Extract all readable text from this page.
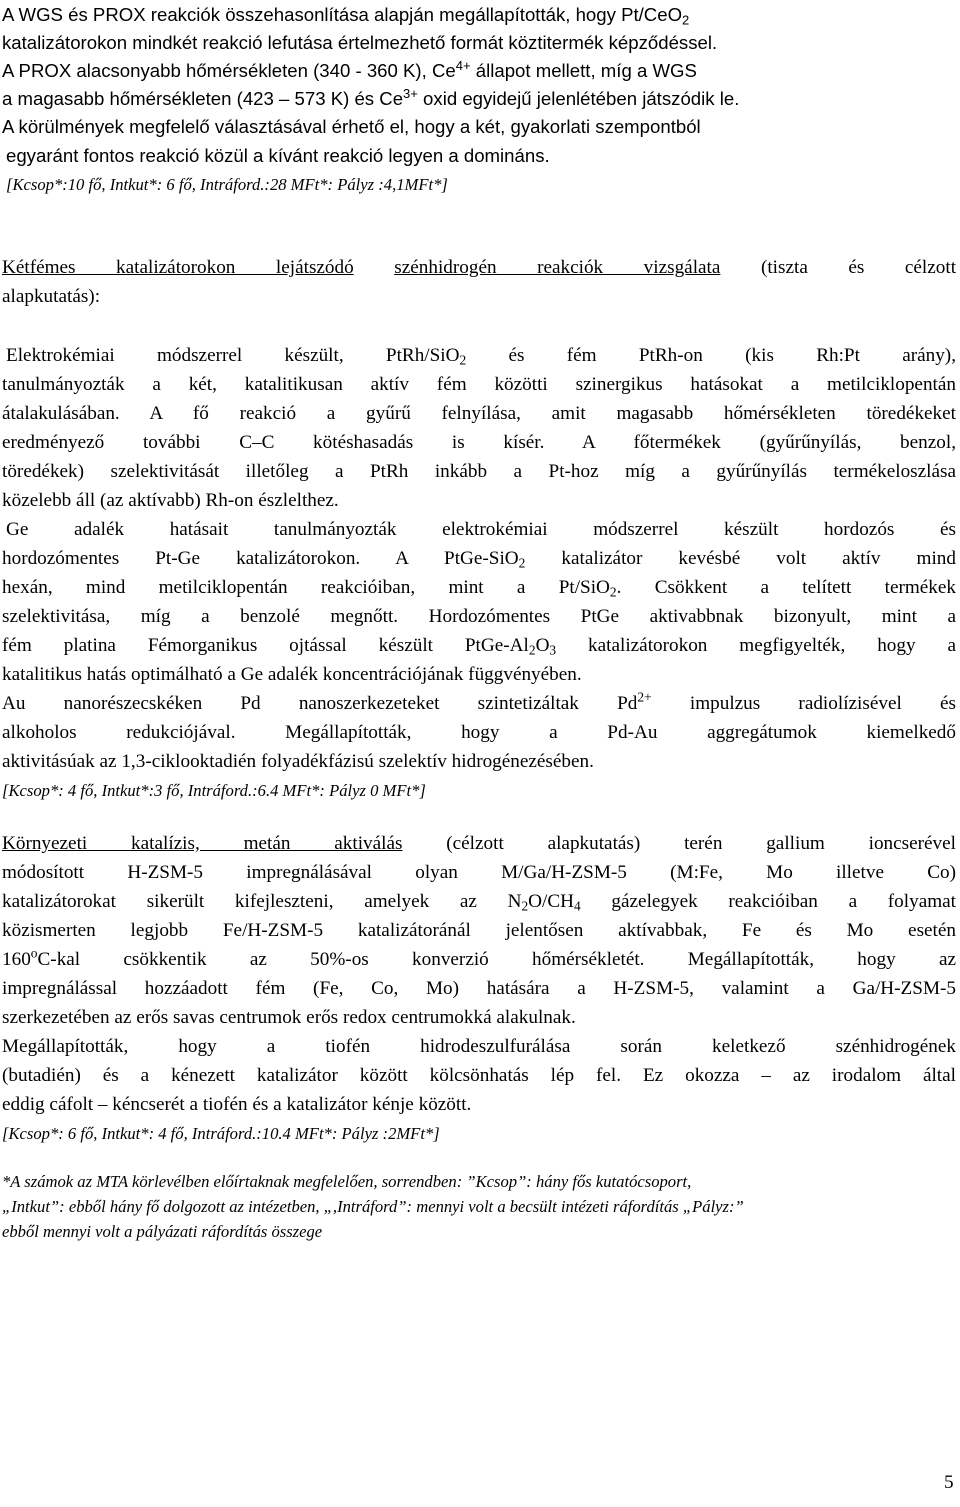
A WGS és PROX reakciók összehasonlítása alapján megállapították, hogy Pt/CeO$_2$
katalizátorokon mindkét reakció lefutása értelmezhető formát köztitermék képződéssel.
A PROX alacsonyabb hőmérsékleten (340 - 360 K), $Ce^{4+}$ állapot mellett, míg a WGS
a magasabb hőmérsékleten (423 – 573 K) és $Ce^{3+}$ oxid egyidejű jelenlétében játszódik le.
A körülmények megfelelő választásával érhető el, hogy a két, gyakorlati szempontból
egyaránt fontos reakció közül a kívánt reakció legyen a domináns.
[Kcsop*:10 fő, Intkut*: 6 fő, Intráford.:28 MFt*: Pályz :4,1MFt*]
Kétfémes katalizátorokon lejátszódó szénhidrogén reakciók vizsgálata (tiszta és célzott
alapkutatás):
Elektrokémiai módszerrel készült, PtRh/SiO$_2$ és fém PtRh-on (kis Rh:Pt arány),
tanulmányozták a két, katalitikusan aktív fém közötti szinergikus hatásokat a metilciklopentán
átalakulásában. A fő reakció a gyűrű felnyílása, amit magasabb hőmérsékleten töredékeket
eredményező további C–C kötéshasadás is kísér. A főtermékek (gyűrűnyílás, benzol,
töredékek) szelektivitását illetőleg a PtRh inkább a Pt-hoz míg a gyűrűnyílás termékeloszlása
közelebb áll (az aktívabb) Rh-on észlelthez.
Ge adalék hatásait tanulmányozták elektrokémiai módszerrel készült hordozós és
hordozómentes Pt-Ge katalizátorokon. A PtGe-SiO$_2$ katalizátor kevésbé volt aktív mind
hexán, mind metilciklopentán reakcióiban, mint a Pt/SiO$_2$. Csökkent a telített termékek
szelektivitása, míg a benzolé megnőtt. Hordozómentes PtGe aktivabbnak bizonyult, mint a
fém platina Fémorganikus ojtással készült PtGe-$Al_2O_3$ katalizátorokon megfigyelték, hogy a
katalitikus hatás optimálható a Ge adalék koncentrációjának függvényében.
Au nanorészecskéken Pd nanoszerkezeteket szintetizáltak $Pd^{2+}$ impulzus radiolízisével és
alkoholos redukciójával. Megállapították, hogy a Pd-Au aggregátumok kiemelkedő
aktivitásúak az 1,3-ciklooktadién folyadékfázisú szelektív hidrogénezésében.
[Kcsop*: 4 fő, Intkut*:3 fő, Intráford.:6.4 MFt*: Pályz 0 MFt*]
Környezeti katalízis, metán aktiválás (célzott alapkutatás) terén gallium ioncserével
módosított H-ZSM-5 impregnálásával olyan M/Ga/H-ZSM-5 (M:Fe, Mo illetve Co)
katalizátorokat sikerült kifejleszteni, amelyek az $N_2O/CH_4$ gázelegyek reakcióiban a folyamat
közismerten legjobb Fe/H-ZSM-5 katalizátoránál jelentősen aktívabbak, Fe és Mo esetén
160$^o$C-kal csökkentik az 50%-os konverzió hőmérsékletét. Megállapították, hogy az
impregnálással hozzáadott fém (Fe, Co, Mo) hatására a H-ZSM-5, valamint a Ga/H-ZSM-5
szerkezetében az erős savas centrumok erős redox centrumokká alakulnak.
Megállapították, hogy a tiofén hidrodeszulfurálása során keletkező szénhidrogének
(butadién) és a kénezett katalizátor között kölcsönhatás lép fel. Ez okozza – az irodalom által
eddig cáfolt – kéncserét a tiofén és a katalizátor kénje között.
[Kcsop*: 6 fő, Intkut*: 4 fő, Intráford.:10.4 MFt*: Pályz :2MFt*]
*A számok az MTA körlevélben előírtaknak megfelelően, sorrendben: ”Kcsop”: hány fős kutatócsoport,
„Intkut”: ebből hány fő dolgozott az intézetben, „,Intráford”: mennyi volt a becsült intézeti ráfordítás „Pályz:”
ebből mennyi volt a pályázati ráfordítás összege
5
